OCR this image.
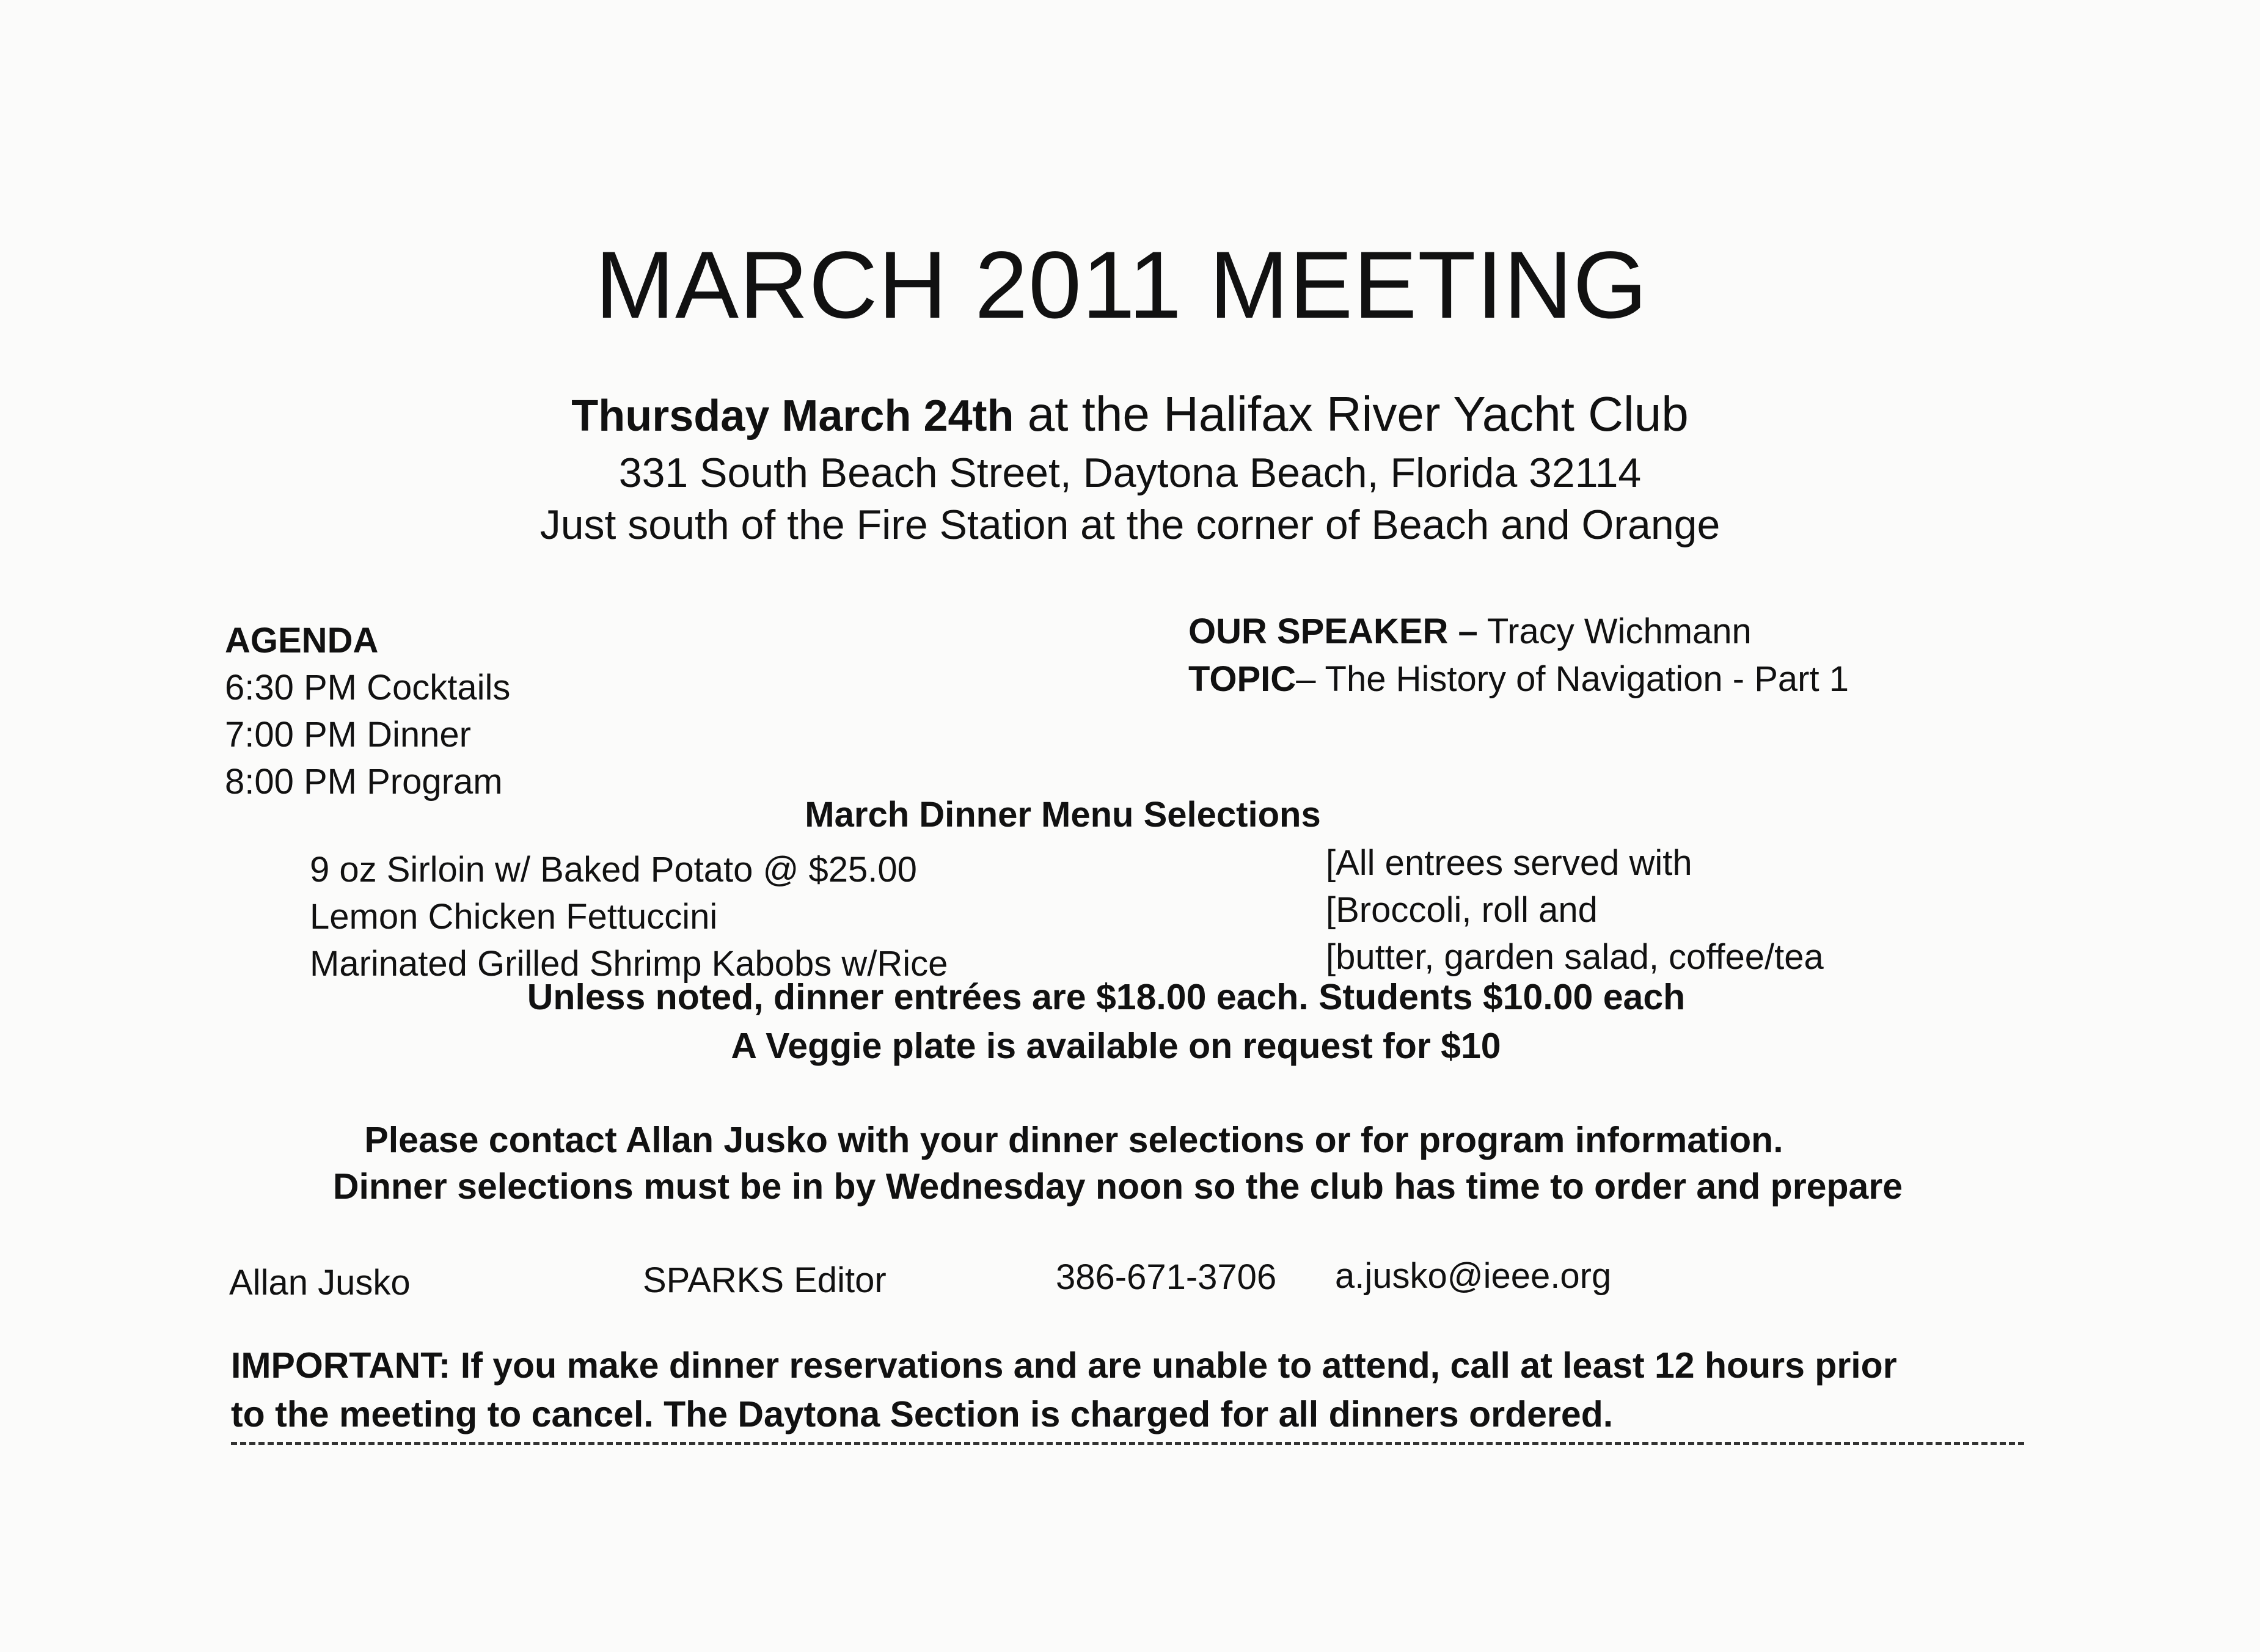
MARCH 2011 MEETING
Thursday March 24th at the Halifax River Yacht Club
331 South Beach Street, Daytona Beach, Florida 32114
Just south of the Fire Station at the corner of Beach and Orange
AGENDA
6:30 PM Cocktails
7:00 PM Dinner
8:00 PM Program
OUR SPEAKER – Tracy Wichmann
TOPIC– The History of Navigation - Part 1
March Dinner Menu Selections
9 oz Sirloin w/ Baked Potato @ $25.00
Lemon Chicken Fettuccini
Marinated Grilled Shrimp Kabobs w/Rice
[All entrees served with
[Broccoli, roll and
[butter, garden salad, coffee/tea
Unless noted, dinner entrées are $18.00 each. Students $10.00 each
A Veggie plate is available on request for $10
Please contact Allan Jusko with your dinner selections or for program information.
Dinner selections must be in by Wednesday noon so the club has time to order and prepare
Allan Jusko	SPARKS Editor	386-671-3706 a.jusko@ieee.org
IMPORTANT: If you make dinner reservations and are unable to attend, call at least 12 hours prior
to the meeting to cancel. The Daytona Section is charged for all dinners ordered.
